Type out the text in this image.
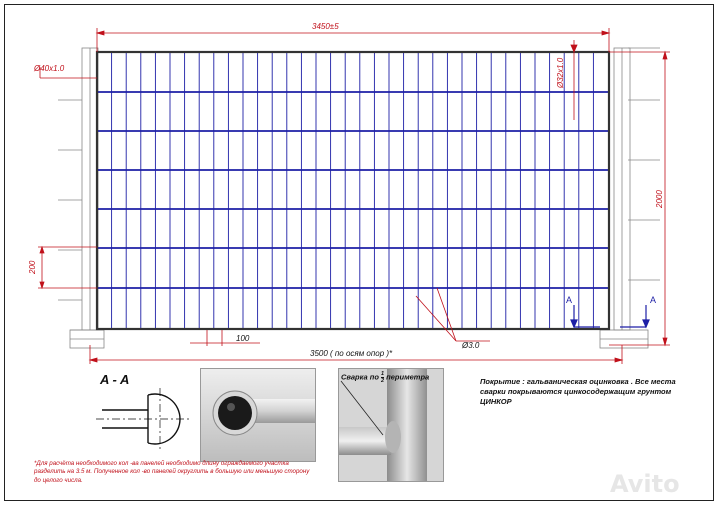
3450±5
Ø40x1.0	Ø32x1.0
2000
200
100
3500 ( по осям опор )*
Ø3.0
A	A
A - A	Сварка по $\frac{1}{2}$ периметра
Покрытие : гальваническая оцинковка . Все места
сварки покрываются цинкосодержащим грунтом
ЦИНКОР
*Для расчёта необходимого кол -ва панелей необходимо длину ограждаемого участка
разделить на 3.5 м. Полученное кол -во панелей округлить в большую или меньшую сторону
до целого числа.	Avito
